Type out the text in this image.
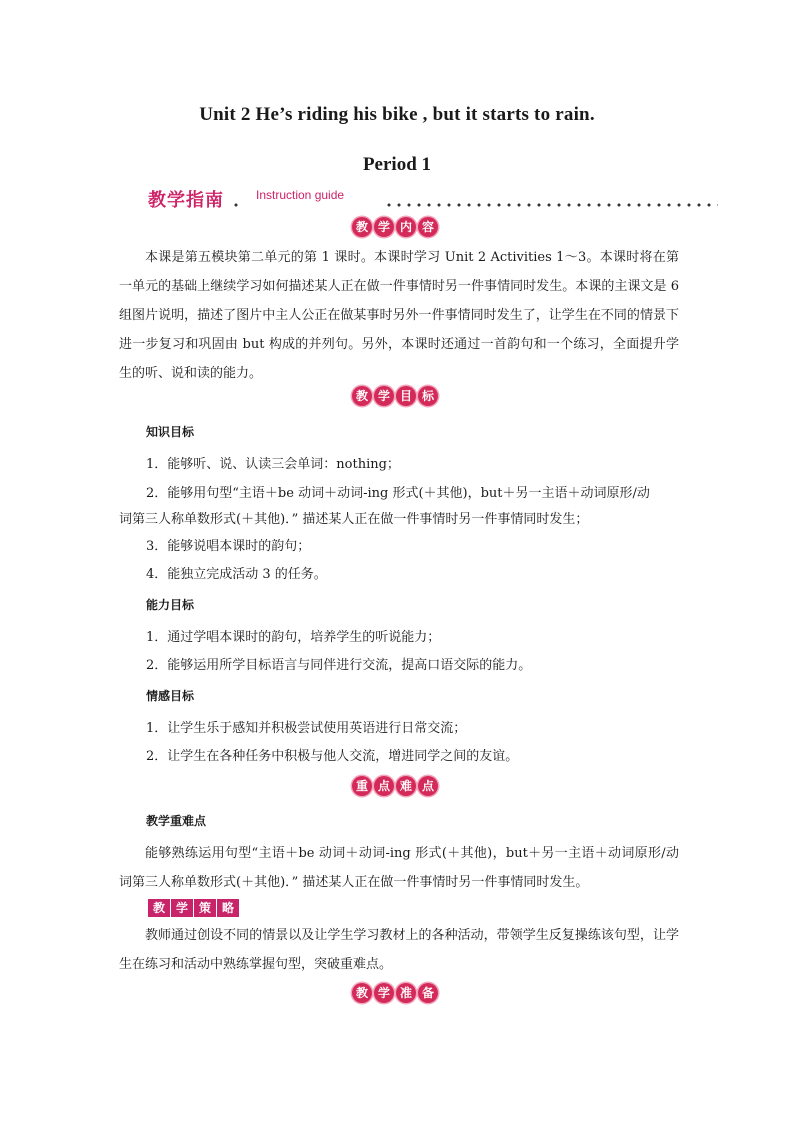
Unit 2 He’s riding his bike , but it starts to rain.
Period 1
教学指南	Instruction guide
教 学 内 容
本课是第五模块第二单元的第 1 课时。本课时学习 Unit 2 Activities 1～3。本课时将在第一单元的基础上继续学习如何描述某人正在做一件事情时另一件事情同时发生。本课的主课文是 6 组图片说明，描述了图片中主人公正在做某事时另外一件事情同时发生了，让学生在不同的情景下进一步复习和巩固由 but 构成的并列句。另外，本课时还通过一首韵句和一个练习，全面提升学生的听、说和读的能力。
教 学 目 标
知识目标
1．能够听、说、认读三会单词：nothing；
2．能够用句型“主语＋be 动词＋动词-ing 形式(＋其他)，but＋另一主语＋动词原形/动
词第三人称单数形式(＋其他)．” 描述某人正在做一件事情时另一件事情同时发生；
3．能够说唱本课时的韵句；
4．能独立完成活动 3 的任务。
能力目标
1．通过学唱本课时的韵句，培养学生的听说能力；
2．能够运用所学目标语言与同伴进行交流，提高口语交际的能力。
情感目标
1．让学生乐于感知并积极尝试使用英语进行日常交流；
2．让学生在各种任务中积极与他人交流，增进同学之间的友谊。
重 点 难 点
教学重难点
能够熟练运用句型“主语＋be 动词＋动词-ing 形式(＋其他)，but＋另一主语＋动词原形/动词第三人称单数形式(＋其他)．” 描述某人正在做一件事情时另一件事情同时发生。
教 学 策 略
教师通过创设不同的情景以及让学生学习教材上的各种活动，带领学生反复操练该句型，让学生在练习和活动中熟练掌握句型，突破重难点。
教 学 准 备
